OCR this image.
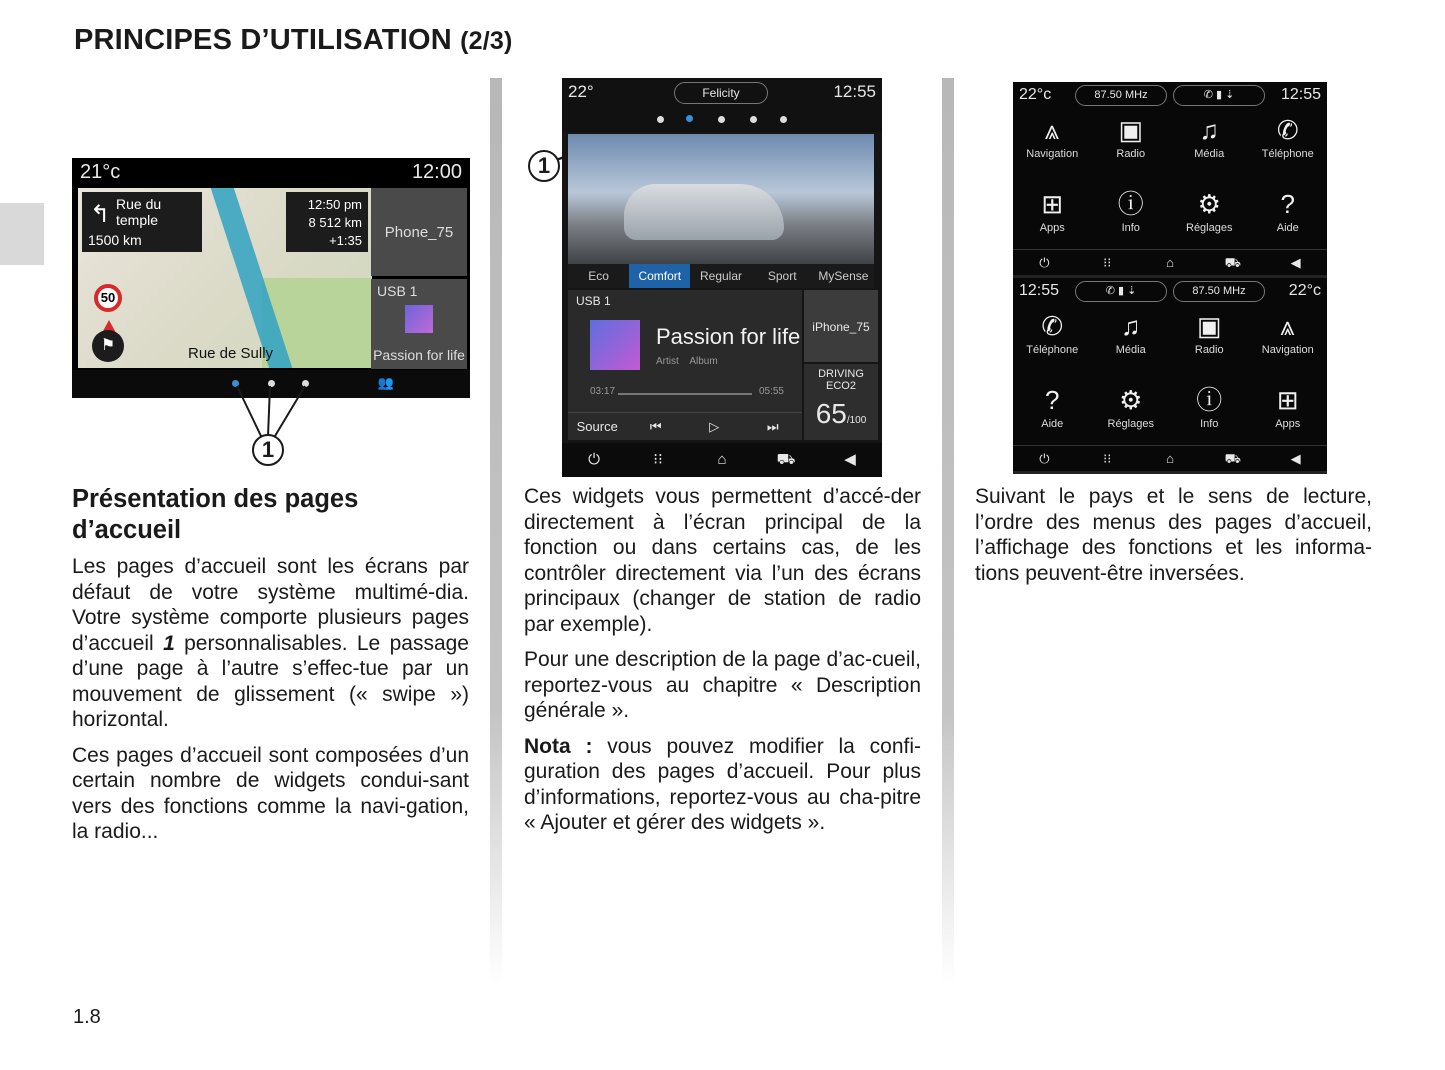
PRINCIPES D’UTILISATION (2/3)
21°c	12:00
↰ Rue du temple
1500 km
12:50 pm
8 512 km
+1:35
50
⚑	Rue de Sully
Phone_75
USB 1
Passion for life
👥
1
Présentation des pages d’accueil

Les pages d’accueil sont les écrans par défaut de votre système multimé-dia. Votre système comporte plusieurs pages d’accueil 1 personnalisables. Le passage d’une page à l’autre s’effec-tue par un mouvement de glissement (« swipe ») horizontal.

Ces pages d’accueil sont composées d’un certain nombre de widgets condui-sant vers des fonctions comme la navi-gation, la radio...

22°	Felicity	12:55
Eco	Comfort	Regular	Sport	MySense
USB 1
Passion for life
Artist Album
03:17	05:55
Source	⏮	▷	⏭
iPhone_75
DRIVING ECO2
65/100
⏻	⁝⁝	⌂	⛟	◀
1

Ces widgets vous permettent d’accé-der directement à l’écran principal de la fonction ou dans certains cas, de les contrôler directement via l’un des écrans principaux (changer de station de radio par exemple).

Pour une description de la page d’ac-cueil, reportez-vous au chapitre « Description générale ».

Nota : vous pouvez modifier la confi-guration des pages d’accueil. Pour plus d’informations, reportez-vous au cha-pitre « Ajouter et gérer des widgets ».

22°c	87.50 MHz	✆ ▮ ⇣	12:55
⩓
Navigation
▣
Radio
♫
Média
✆
Téléphone
⊞
Apps
ⓘ
Info
⚙
Réglages
?
Aide
⏻	⁝⁝	⌂	⛟	◀
12:55	✆ ▮ ⇣	87.50 MHz	22°c
✆
Téléphone
♫
Média
▣
Radio
⩓
Navigation
?
Aide
⚙
Réglages
ⓘ
Info
⊞
Apps
⏻	⁝⁝	⌂	⛟	◀

Suivant le pays et le sens de lecture, l’ordre des menus des pages d’accueil, l’affichage des fonctions et les informa-tions peuvent-être inversées.

1.8
